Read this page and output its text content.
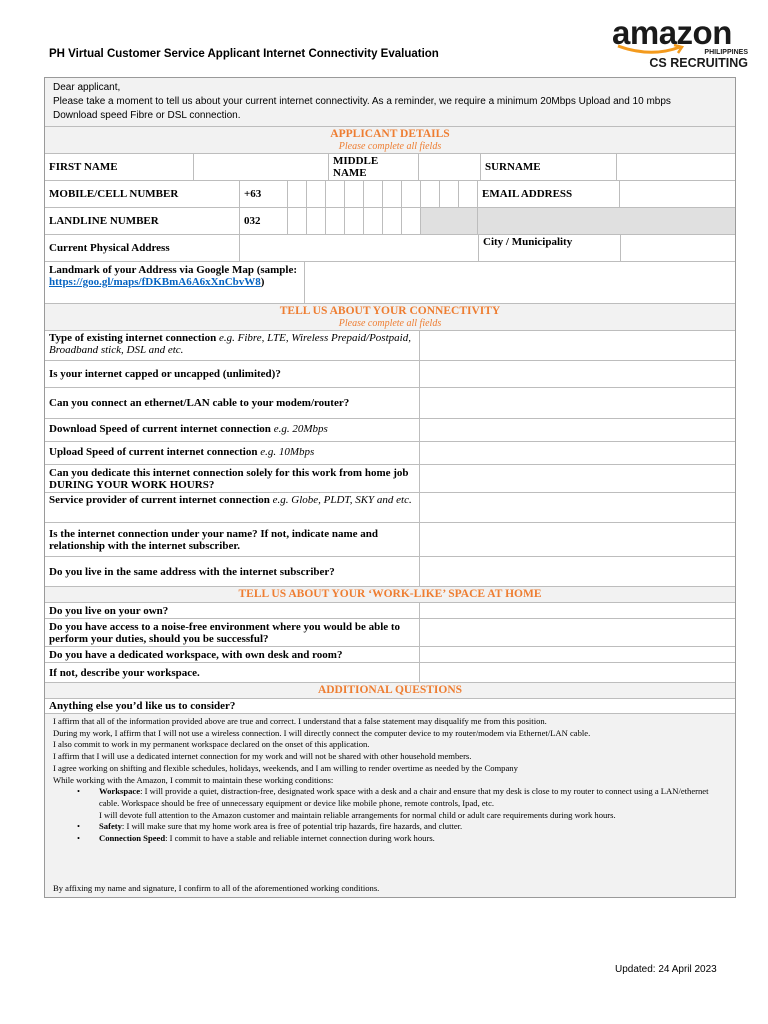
PH Virtual Customer Service Applicant Internet Connectivity Evaluation
amazon
PHILIPPINES
CS RECRUITING
Dear applicant,
Please take a moment to tell us about your current internet connectivity. As a reminder, we require a minimum 20Mbps Upload and 10 mbps
Download speed Fibre or DSL connection.
APPLICANT DETAILS
Please complete all fields
FIRST NAME	MIDDLE NAME	SURNAME
MOBILE/CELL NUMBER	+63	EMAIL ADDRESS
LANDLINE NUMBER	032
Current Physical Address	City / Municipality
Landmark of your Address via Google Map (sample:
https://goo.gl/maps/fDKBmA6A6xXnCbvW8)
TELL US ABOUT YOUR CONNECTIVITY
Please complete all fields
Type of existing internet connection e.g. Fibre, LTE, Wireless Prepaid/Postpaid, Broadband stick, DSL and etc.
Is your internet capped or uncapped (unlimited)?
Can you connect an ethernet/LAN cable to your modem/router?
Download Speed of current internet connection e.g. 20Mbps
Upload Speed of current internet connection e.g. 10Mbps
Can you dedicate this internet connection solely for this work from home job DURING YOUR WORK HOURS?
Service provider of current internet connection e.g. Globe, PLDT, SKY and etc.
Is the internet connection under your name? If not, indicate name and relationship with the internet subscriber.
Do you live in the same address with the internet subscriber?
TELL US ABOUT YOUR ‘WORK-LIKE’ SPACE AT HOME
Do you live on your own?
Do you have access to a noise-free environment where you would be able to perform your duties, should you be successful?
Do you have a dedicated workspace, with own desk and room?
If not, describe your workspace.
ADDITIONAL QUESTIONS
Anything else you’d like us to consider?
I affirm that all of the information provided above are true and correct. I understand that a false statement may disqualify me from this position.
During my work, I affirm that I will not use a wireless connection. I will directly connect the computer device to my router/modem via Ethernet/LAN cable.
I also commit to work in my permanent workspace declared on the onset of this application.
I affirm that I will use a dedicated internet connection for my work and will not be shared with other household members.
I agree working on shifting and flexible schedules, holidays, weekends, and I am willing to render overtime as needed by the Company
While working with the Amazon, I commit to maintain these working conditions:
• Workspace: I will provide a quiet, distraction-free, designated work space with a desk and a chair and ensure that my desk is close to my router to connect using a LAN/ethernet cable. Workspace should be free of unnecessary equipment or device like mobile phone, remote controls, Ipad, etc.
I will devote full attention to the Amazon customer and maintain reliable arrangements for normal child or adult care requirements during work hours.
• Safety: I will make sure that my home work area is free of potential trip hazards, fire hazards, and clutter.
• Connection Speed: I commit to have a stable and reliable internet connection during work hours.
By affixing my name and signature, I confirm to all of the aforementioned working conditions.
Updated: 24 April 2023
